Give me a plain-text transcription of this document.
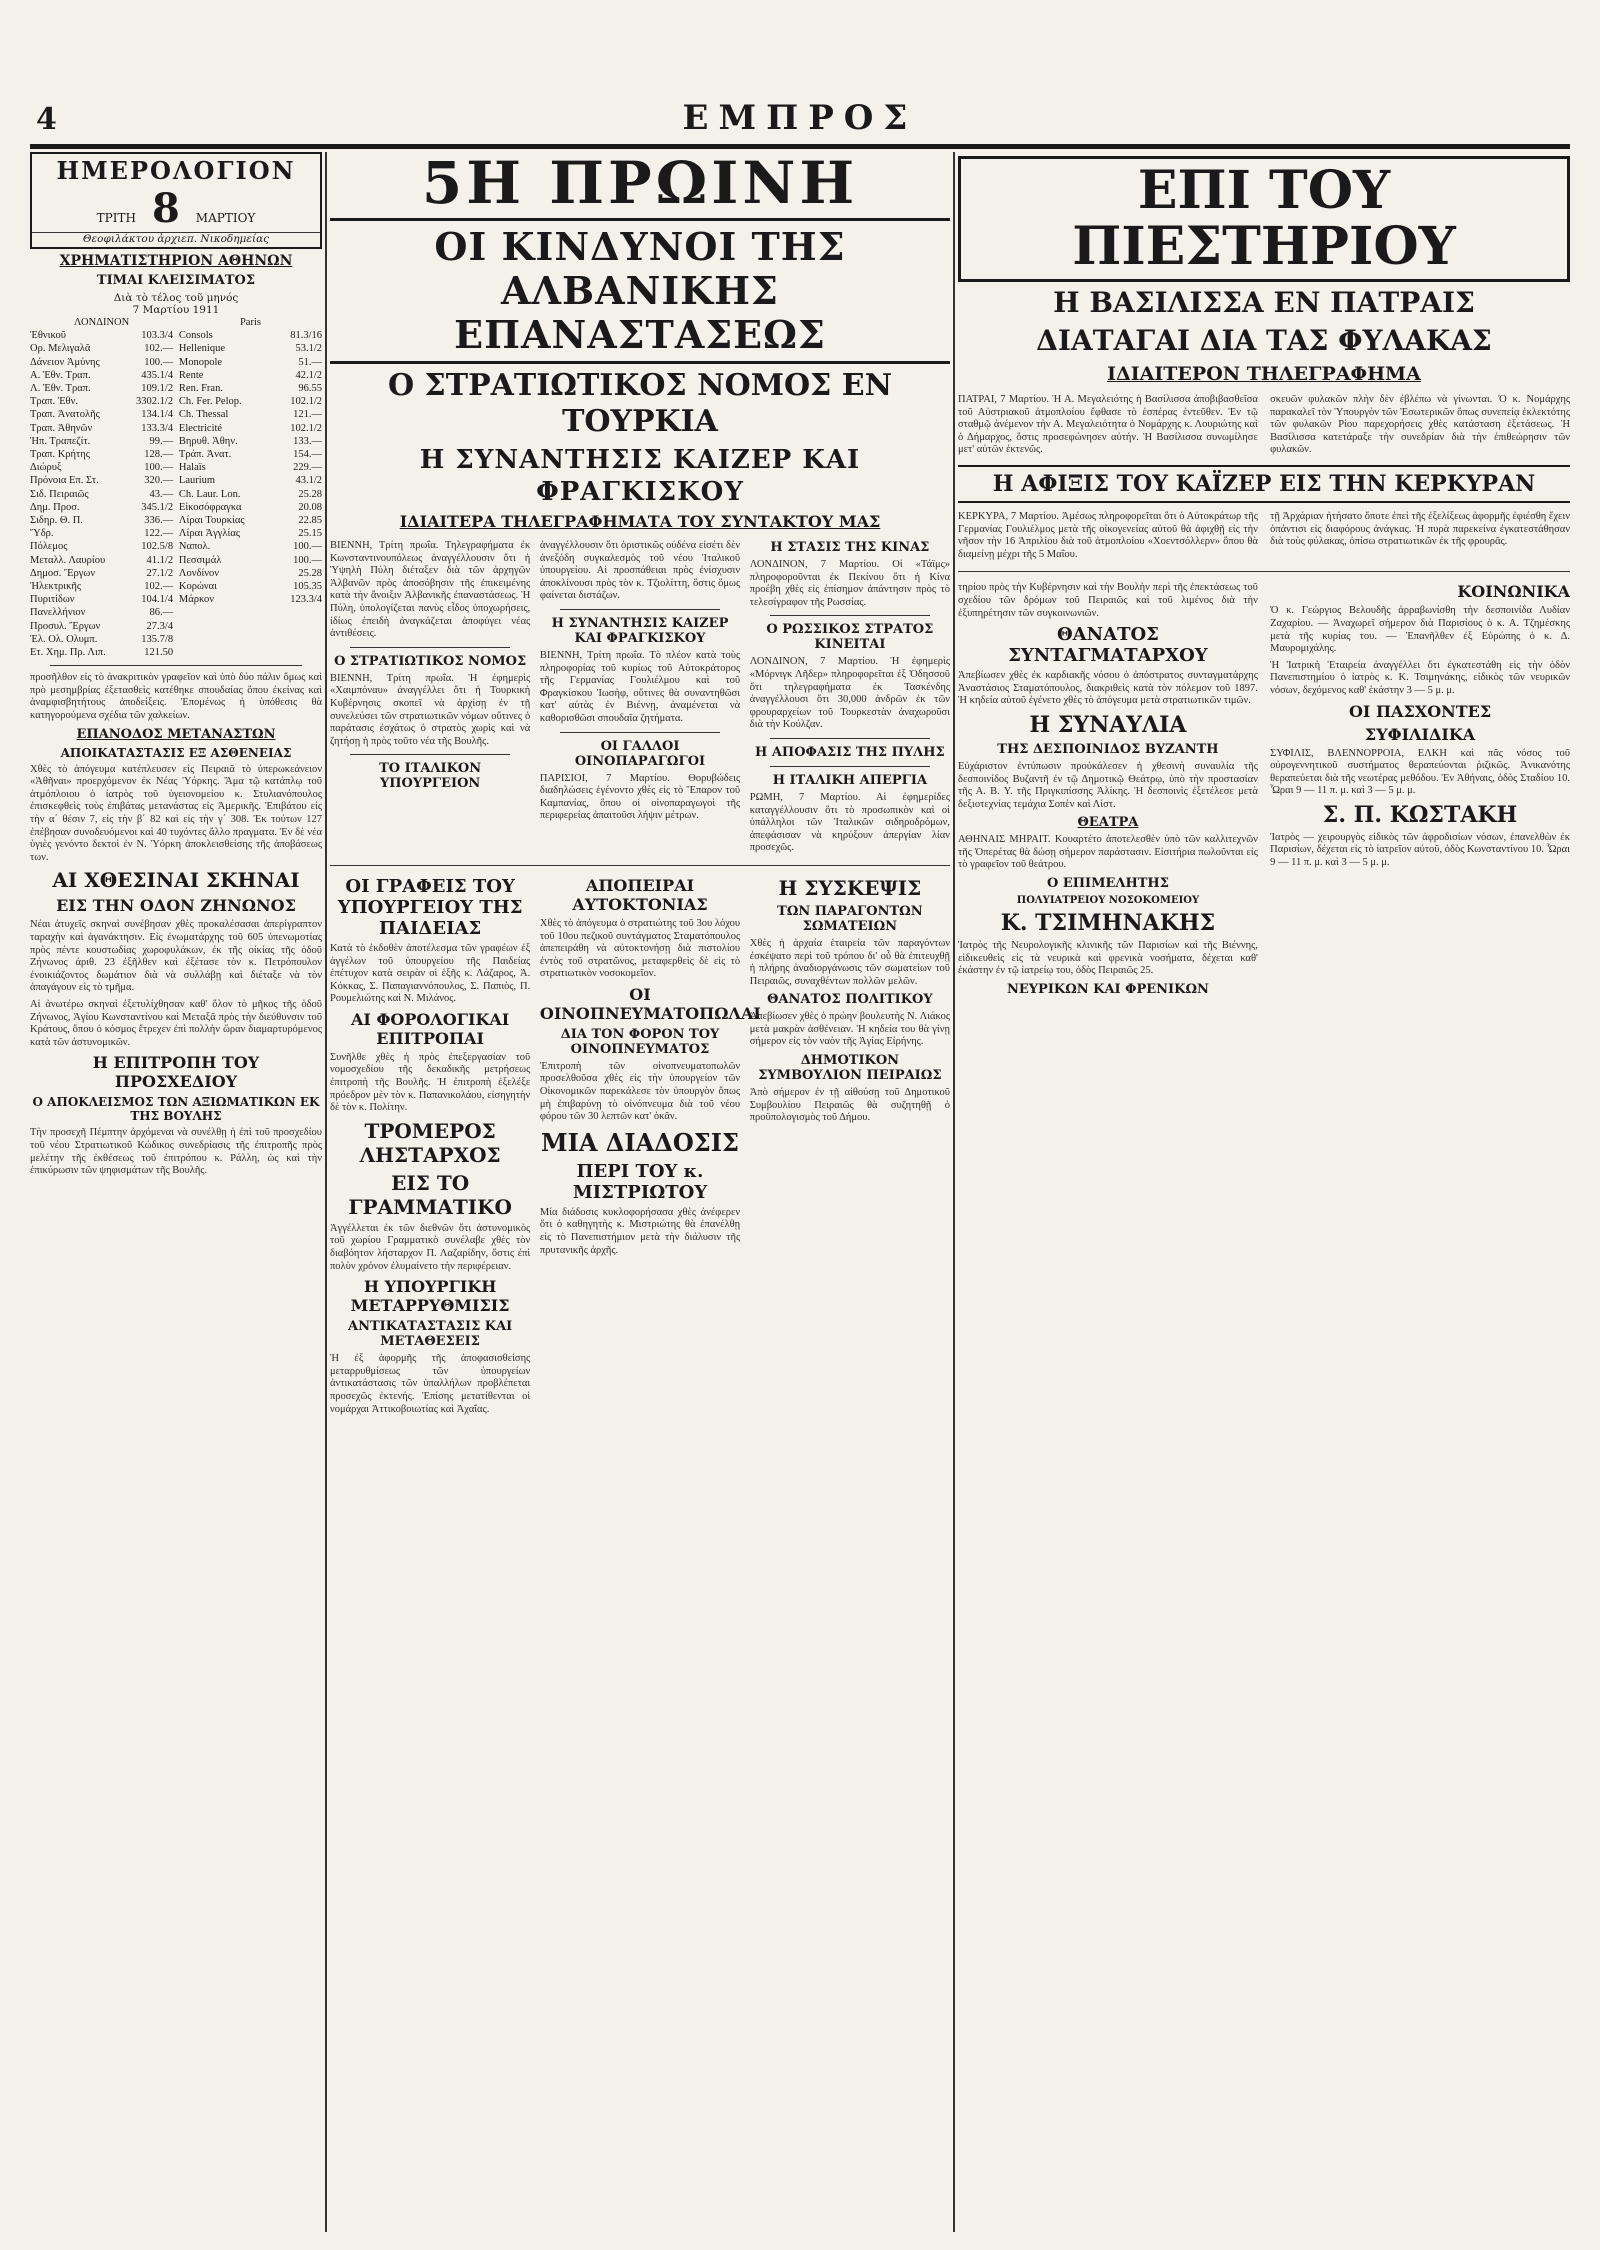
4	ΕΜΠΡΟΣ
ΗΜΕΡΟΛΟΓΙΟΝ
ΤΡΙΤΗ 8 ΜΑΡΤΙΟΥ
Θεοφιλάκτου ἀρχιεπ. Νικοδημείας
ΧΡΗΜΑΤΙΣΤΗΡΙΟΝ ΑΘΗΝΩΝ
ΤΙΜΑΙ ΚΛΕΙΣΙΜΑΤΟΣ
Διὰ τὸ τέλος τοῦ μηνός
7 Μαρτίου 1911
ΛΟΝΔΙΝΟΝ
Ἐθνικοῦ	103.3/4
Ορ. Μελιγαλᾶ	102.—
Δάνειον Ἀμύνης	100.—
Α. Ἐθν. Τραπ.	435.1/4
Λ. Ἐθν. Τραπ.	109.1/2
Τραπ. Ἐθν.	3302.1/2
Τραπ. Ἀνατολῆς	134.1/4
Τραπ. Ἀθηνῶν	133.3/4
Ἠπ. Τραπεζίτ.	99.—
Τραπ. Κρήτης	128.—
Διώρυξ	100.—
Πρόνοια Επ. Στ.	320.—
Σιδ. Πειραιῶς	43.—
Δημ. Προσ.	345.1/2
Σιδηρ. Θ. Π.	336.—
Ὕδρ.	122.—
Πόλεμος	102.5/8
Μεταλλ. Λαυρίου	41.1/2
Δημοσ. Ἔργων	27.1/2
Ἠλεκτρικῆς	102.—
Πυριτίδων	104.1/4
Πανελλήνιον	86.—
Προσυλ. Ἔργων	27.3/4
Ἐλ. Ολ. Ολυμπ.	135.7/8
Ετ. Χημ. Πρ. Λιπ.	121.50
Paris
Consols	81.3/16
Hellenique	53.1/2
Monopole	51.—
Rente	42.1/2
Ren. Fran.	96.55
Ch. Fer. Pelop.	102.1/2
Ch. Thessal	121.—
Electricité	102.1/2
Βηρυθ. Ἀθην.	133.—
Τράπ. Ἀνατ.	154.—
Halaïs	229.—
Laurium	43.1/2
Ch. Laur. Lon.	25.28
Εἰκοσόφραγκα	20.08
Λίραι Τουρκίας	22.85
Λίραι Ἀγγλίας	25.15
Ναπολ.	100.—
Πεσσιμάλ	100.—
Λονδίνον	25.28
Κορώναι	105.35
Μάρκον	123.3/4
προσῆλθον εἰς τὸ ἀνακριτικὸν γραφεῖον καὶ ὑπὸ δύο πάλιν ὅμως καὶ πρὸ μεσημβρίας ἐξετασθεὶς κατέθηκε σπουδαίας ὅπου ἐκείνας καὶ ἀναμφισβητήτους ἀποδείξεις. Ἐπομένως ἡ ὑπόθεσις θὰ κατηγορούμενα σχέδια τῶν χαλκείων.
ΕΠΑΝΟΔΟΣ ΜΕΤΑΝΑΣΤΩΝ
ΑΠΟΙΚΑΤΑΣΤΑΣΙΣ ΕΞ ΑΣΘΕΝΕΙΑΣ
Χθὲς τὸ ἀπόγευμα κατέπλευσεν εἰς Πειραιᾶ τὸ ὑπερωκεάνειον «Ἀθῆναι» προερχόμενον ἐκ Νέας Ὑόρκης. Ἅμα τῷ κατάπλῳ τοῦ ἀτμόπλοιου ὁ ἰατρὸς τοῦ ὑγειονομείου κ. Στυλιανόπουλος ἐπισκεφθεὶς τοὺς ἐπιβάτας μετανάστας εἰς Ἀμερικῆς. Ἐπιβάτου εἰς τὴν α΄ θέσιν 7, εἰς τὴν β΄ 82 καὶ εἰς τὴν γ΄ 308. Ἐκ τούτων 127 ἐπέβησαν συνοδευόμενοι καὶ 40 τυχόντες ἄλλο πραγματα. Ἐν δὲ νέα ὑγιὲς γενόντο δεκτοὶ ἐν Ν. Ὑόρκη ἀποκλεισθείσης τῆς ἀποβάσεως των.
ΑΙ ΧΘΕΣΙΝΑΙ ΣΚΗΝΑΙ
ΕΙΣ ΤΗΝ ΟΔΟΝ ΖΗΝΩΝΟΣ
Νέαι ἀτυχεῖς σκηναὶ συνέβησαν χθὲς προκαλέσασαι ἀπερίγραπτον ταραχὴν καὶ ἀγανάκτησιν. Εἰς ἐνωματάρχης τοῦ 605 ὑπενωμοτίας πρὸς πέντε κουστωδίας χωροφυλάκων, ἐκ τῆς οἰκίας τῆς ὁδοῦ Ζήνωνος ἀριθ. 23 ἐξῆλθεν καὶ ἐξέτασε τὸν κ. Πετρόπουλον ἐνοικιάζοντος δωμάτιον διὰ νὰ συλλάβῃ καὶ διέταξε νὰ τὸν ἀπαγάγουν εἰς τὸ τμῆμα.
Αἱ ἀνωτέρω σκηναὶ ἐξετυλίχθησαν καθ' ὅλον τὸ μῆκος τῆς ὁδοῦ Ζήνωνος, Ἀγίου Κωνσταντίνου καὶ Μεταξᾶ πρὸς τὴν διεύθυνσιν τοῦ Κράτους, ὅπου ὁ κόσμος ἔτρεχεν ἐπὶ πολλὴν ὥραν διαμαρτυρόμενος κατὰ τῶν ἀστυνομικῶν.
Η ΕΠΙΤΡΟΠΗ ΤΟΥ ΠΡΟΣΧΕΔΙΟΥ
Ο ΑΠΟΚΛΕΙΣΜΟΣ ΤΩΝ ΑΞΙΩΜΑΤΙΚΩΝ ΕΚ ΤΗΣ ΒΟΥΛΗΣ
Τὴν προσεχῆ Πέμπτην ἀρχόμεναι νὰ συνέλθῃ ἡ ἐπὶ τοῦ προσχεδίου τοῦ νέου Στρατιωτικοῦ Κώδικος συνεδρίασις τῆς ἐπιτροπῆς πρὸς μελέτην τῆς ἐκθέσεως τοῦ ἐπιτρόπου κ. Ράλλη, ὡς καὶ τὴν ἐπικύρωσιν τῶν ψηφισμάτων τῆς Βουλῆς.
5Η ΠΡΩΙΝΗ
ΟΙ ΚΙΝΔΥΝΟΙ ΤΗΣ ΑΛΒΑΝΙΚΗΣ ΕΠΑΝΑΣΤΑΣΕΩΣ
Ο ΣΤΡΑΤΙΩΤΙΚΟΣ ΝΟΜΟΣ ΕΝ ΤΟΥΡΚΙΑ
Η ΣΥΝΑΝΤΗΣΙΣ ΚΑΙΖΕΡ ΚΑΙ ΦΡΑΓΚΙΣΚΟΥ
ΙΔΙΑΙΤΕΡΑ ΤΗΛΕΓΡΑΦΗΜΑΤΑ ΤΟΥ ΣΥΝΤΑΚΤΟΥ ΜΑΣ
ΒΙΕΝΝΗ, Τρίτη πρωΐα. Τηλεγραφήματα ἐκ Κωνσταντινουπόλεως ἀναγγέλλουσιν ὅτι ἡ Ὑψηλὴ Πύλη διέταξεν διὰ τῶν ἀρχηγῶν Ἀλβανῶν πρὸς ἀποσόβησιν τῆς ἐπικειμένης κατὰ τὴν ἄνοιξιν Ἀλβανικῆς ἐπαναστάσεως. Ἡ Πύλη, ὑπολογίζεται πανὺς εἶδος ὑποχωρήσεις, ἰδίως ἐπειδὴ ἀναγκάζεται ἀποφύγει νέας ἀντιθέσεις.
Ο ΣΤΡΑΤΙΩΤΙΚΟΣ ΝΟΜΟΣ
ΒΙΕΝΝΗ, Τρίτη πρωΐα. Ἡ ἐφημερὶς «Χαιμπόναυ» ἀναγγέλλει ὅτι ἡ Τουρκικὴ Κυβέρνησις σκοπεῖ νὰ ἀρχίσῃ ἐν τῇ συνελεύσει τῶν στρατιωτικῶν νόμων οὕτινες ὁ παράτασις ἐσχάτως ὁ στρατὸς χωρὶς καὶ νὰ ζητήσῃ ἡ πρὸς τοῦτο νέα τῆς Βουλῆς.
ΤΟ ΙΤΑΛΙΚΟΝ ΥΠΟΥΡΓΕΙΟΝ
ἀναγγέλλουσιν ὅτι ὁριστικῶς οὐδένα εἰσέτι δὲν ἀνεξόδη συγκαλεσμὸς τοῦ νέου Ἰταλικοῦ ὑπουργείου. Αἱ προσπάθειαι πρὸς ἐνίσχυσιν ἀποκλίνουσι πρὸς τὸν κ. Τζιολίττη, ὅστις ὅμως φαίνεται διστάζων.
Η ΣΥΝΑΝΤΗΣΙΣ ΚΑΙΖΕΡ ΚΑΙ ΦΡΑΓΚΙΣΚΟΥ
ΒΙΕΝΝΗ, Τρίτη πρωΐα. Τὸ πλέον κατὰ τοὺς πληροφορίας τοῦ κυρίως τοῦ Αὐτοκράτορος τῆς Γερμανίας Γουλιέλμου καὶ τοῦ Φραγκίσκου Ἰωσὴφ, οὕτινες θὰ συναντηθῶσι κατ' αὐτὰς ἐν Βιέννῃ, ἀναμένεται νὰ καθορισθῶσι σπουδαῖα ζητήματα.
ΟΙ ΓΑΛΛΟΙ ΟΙΝΟΠΑΡΑΓΩΓΟΙ
ΠΑΡΙΣΙΟΙ, 7 Μαρτίου. Θορυβώδεις διαδηλώσεις ἐγένοντο χθὲς εἰς τὸ Ἔπαρον τοῦ Καμπανίας, ὅπου οἱ οἰνοπαραγωγοὶ τῆς περιφερείας ἀπαιτοῦσι λήψιν μέτρων.
Η ΣΤΑΣΙΣ ΤΗΣ ΚΙΝΑΣ
ΛΟΝΔΙΝΟΝ, 7 Μαρτίου. Οἱ «Τάϊμς» πληροφοροῦνται ἐκ Πεκίνου ὅτι ἡ Κίνα προέβη χθὲς εἰς ἐπίσημον ἀπάντησιν πρὸς τὸ τελεσίγραφον τῆς Ρωσσίας.
Ο ΡΩΣΣΙΚΟΣ ΣΤΡΑΤΟΣ ΚΙΝΕΙΤΑΙ
ΛΟΝΔΙΝΟΝ, 7 Μαρτίου. Ἡ ἐφημερὶς «Μόρνιγκ Λῆδερ» πληροφορεῖται ἐξ Ὀδησσοῦ ὅτι τηλεγραφήματα ἐκ Τασκένδης ἀναγγέλλουσι ὅτι 30,000 ἀνδρῶν ἐκ τῶν φρουραρχείων τοῦ Τουρκεστὰν ἀναχωροῦσι διὰ τὴν Κούλζαν.
Η ΑΠΟΦΑΣΙΣ ΤΗΣ ΠΥΛΗΣ
Η ΙΤΑΛΙΚΗ ΑΠΕΡΓΙΑ
ΡΩΜΗ, 7 Μαρτίου. Αἱ ἐφημερίδες καταγγέλλουσιν ὅτι τὸ προσωπικὸν καὶ οἱ ὑπάλληλοι τῶν Ἰταλικῶν σιδηροδρόμων, ἀπεφάσισαν νὰ κηρύξουν ἀπεργίαν λίαν προσεχῶς.
ΟΙ ΓΡΑΦΕΙΣ ΤΟΥ ΥΠΟΥΡΓΕΙΟΥ ΤΗΣ ΠΑΙΔΕΙΑΣ
Κατὰ τὸ ἐκδοθὲν ἀποτέλεσμα τῶν γραφέων ἐξ ἀγγέλων τοῦ ὑπουργείου τῆς Παιδείας ἐπέτυχον κατὰ σειρὰν οἱ ἑξῆς κ. Λάζαρος, Ἀ. Κόκκας, Σ. Παπαγιαννόπουλος, Σ. Παπιὸς, Π. Ρουμελιώτης καὶ Ν. Μιλάνος.
ΑΙ ΦΟΡΟΛΟΓΙΚΑΙ ΕΠΙΤΡΟΠΑΙ
Συνῆλθε χθὲς ἡ πρὸς ἐπεξεργασίαν τοῦ νομοσχεδίου τῆς δεκαδικῆς μετρήσεως ἐπιτροπὴ τῆς Βουλῆς. Ἡ ἐπιτροπὴ ἐξελέξε πρόεδρον μὲν τὸν κ. Παπανικολάου, εἰσηγητὴν δὲ τὸν κ. Πολίτην.
ΤΡΟΜΕΡΟΣ ΛΗΣΤΑΡΧΟΣ
ΕΙΣ ΤΟ ΓΡΑΜΜΑΤΙΚΟ
Ἀγγέλλεται ἐκ τῶν διεθνῶν ὅτι ἀστυνομικὸς τοῦ χωρίου Γραμματικὸ συνέλαβε χθὲς τὸν διαβόητον λήσταρχον Π. Λαζαρίδην, ὅστις ἐπὶ πολὺν χρόνον ἐλυμαίνετο τὴν περιφέρειαν.
Η ΥΠΟΥΡΓΙΚΗ ΜΕΤΑΡΡΥΘΜΙΣΙΣ
ΑΝΤΙΚΑΤΑΣΤΑΣΙΣ ΚΑΙ ΜΕΤΑΘΕΣΕΙΣ
Ἡ ἐξ ἀφορμῆς τῆς ἀποφασισθείσης μεταρρυθμίσεως τῶν ὑπουργείων ἀντικατάστασις τῶν ὑπαλλήλων προβλέπεται προσεχῶς ἐκτενής. Ἐπίσης μετατίθενται οἱ νομάρχαι Ἀττικοβοιωτίας καὶ Ἀχαΐας.
ΑΠΟΠΕΙΡΑΙ ΑΥΤΟΚΤΟΝΙΑΣ
Χθὲς τὸ ἀπόγευμα ὁ στρατιώτης τοῦ 3ου λόχου τοῦ 10ου πεζικοῦ συντάγματος Σταματόπουλος ἀπεπειράθη νὰ αὐτοκτονήσῃ διὰ πιστολίου ἐντὸς τοῦ στρατῶνος, μεταφερθεὶς δὲ εἰς τὸ στρατιωτικὸν νοσοκομεῖον.
ΟΙ ΟΙΝΟΠΝΕΥΜΑΤΟΠΩΛΑΙ
ΔΙΑ ΤΟΝ ΦΟΡΟΝ ΤΟΥ ΟΙΝΟΠΝΕΥΜΑΤΟΣ
Ἐπιτροπὴ τῶν οἰνοπνευματοπωλῶν προσελθοῦσα χθὲς εἰς τὴν ὑπουργείον τῶν Οἰκονομικῶν παρεκάλεσε τὸν ὑπουργὸν ὅπως μὴ ἐπιβαρύνῃ τὸ οἰνόπνευμα διὰ τοῦ νέου φόρου τῶν 30 λεπτῶν κατ' ὀκᾶν.
ΜΙΑ ΔΙΑΔΟΣΙΣ
ΠΕΡΙ ΤΟΥ κ. ΜΙΣΤΡΙΩΤΟΥ
Μία διάδοσις κυκλοφορήσασα χθὲς ἀνέφερεν ὅτι ὁ καθηγητὴς κ. Μιστριώτης θὰ ἐπανέλθῃ εἰς τὸ Πανεπιστήμιον μετὰ τὴν διάλυσιν τῆς πρυτανικῆς ἀρχῆς.
Η ΣΥΣΚΕΨΙΣ
ΤΩΝ ΠΑΡΑΓΟΝΤΩΝ ΣΩΜΑΤΕΙΩΝ
Χθὲς ἡ ἀρχαία ἑταιρεία τῶν παραγόντων ἐσκέψατο περὶ τοῦ τρόπου δι' οὗ θὰ ἐπιτευχθῇ ἡ πλήρης ἀναδιοργάνωσις τῶν σωματείων τοῦ Πειραιῶς, συναχθέντων πολλῶν μελῶν.
ΘΑΝΑΤΟΣ ΠΟΛΙΤΙΚΟΥ
Ἀπεβίωσεν χθὲς ὁ πρώην βουλευτὴς Ν. Λιάκος μετὰ μακρὰν ἀσθένειαν. Ἡ κηδεία του θὰ γίνῃ σήμερον εἰς τὸν ναὸν τῆς Ἁγίας Εἰρήνης.
ΔΗΜΟΤΙΚΟΝ ΣΥΜΒΟΥΛΙΟΝ ΠΕΙΡΑΙΩΣ
Ἀπὸ σήμερον ἐν τῇ αἰθούσῃ τοῦ Δημοτικοῦ Συμβουλίου Πειραιῶς θὰ συζητηθῇ ὁ προϋπολογισμὸς τοῦ Δήμου.
ΕΠΙ ΤΟΥ ΠΙΕΣΤΗΡΙΟΥ
Η ΒΑΣΙΛΙΣΣΑ ΕΝ ΠΑΤΡΑΙΣ
ΔΙΑΤΑΓΑΙ ΔΙΑ ΤΑΣ ΦΥΛΑΚΑΣ
ΙΔΙΑΙΤΕΡΟΝ ΤΗΛΕΓΡΑΦΗΜΑ
ΠΑΤΡΑΙ, 7 Μαρτίου. Ἡ Α. Μεγαλειότης ἡ Βασίλισσα ἀποβιβασθεῖσα τοῦ Αὐστριακοῦ ἀτμοπλοίου ἔφθασε τὸ ἑσπέρας ἐντεῦθεν. Ἐν τῷ σταθμῷ ἀνέμενον τὴν Α. Μεγαλειότητα ὁ Νομάρχης κ. Λουριώτης καὶ ὁ Δήμαρχος, ὅστις προσεφώνησεν αὐτήν. Ἡ Βασίλισσα συνωμίλησε μετ' αὐτῶν ἐκτενῶς.
σκευῶν φυλακῶν πλὴν δὲν ἐβλέπω νὰ γίνωνται. Ὁ κ. Νομάρχης παρακαλεῖ τὸν Ὑπουργὸν τῶν Ἐσωτερικῶν ὅπως συνεπείᾳ ἐκλεκτότης τῶν φυλακῶν Ρίου παρεχορήσεις χθὲς κατάσταση ἐξετάσεως. Ἡ Βασίλισσα κατετάραξε τὴν συνεδρίαν διὰ τὴν ἐπιθεώρησιν τῶν φυλακῶν.
Η ΑΦΙΞΙΣ ΤΟΥ ΚΑΪΖΕΡ ΕΙΣ ΤΗΝ ΚΕΡΚΥΡΑΝ
ΚΕΡΚΥΡΑ, 7 Μαρτίου. Ἀμέσως πληροφορεῖται ὅτι ὁ Αὐτοκράτωρ τῆς Γερμανίας Γουλιέλμος μετὰ τῆς οἰκογενείας αὐτοῦ θὰ ἀφιχθῇ εἰς τὴν νῆσον τὴν 16 Ἀπριλίου διὰ τοῦ ἀτμοπλοίου «Χοεντσόλλερν» ὅπου θὰ διαμείνῃ μέχρι τῆς 5 Μαΐου.
τῇ Ἀρχάριαν ἠτήσατο ὅποτε ἐπεὶ τῆς ἐξελίξεως ἀφορμῆς ἐφιέσθη ἔχειν ὁπάντισι εἰς διαφόρους ἀνάγκας. Ἡ πυρὰ παρεκείνα ἐγκατεστάθησαν διὰ τοὺς φύλακας, ὀπίσω στρατιωτικῶν ἐκ τῆς φρουρᾶς.
τηρίου πρὸς τὴν Κυβέρνησιν καὶ τὴν Βουλὴν περὶ τῆς ἐπεκτάσεως τοῦ σχεδίου τῶν δρόμων τοῦ Πειραιῶς καὶ τοῦ λιμένος διὰ τὴν ἐξυπηρέτησιν τῶν συγκοινωνιῶν.
ΘΑΝΑΤΟΣ ΣΥΝΤΑΓΜΑΤΑΡΧΟΥ
Ἀπεβίωσεν χθὲς ἐκ καρδιακῆς νόσου ὁ ἀπόστρατος συνταγματάρχης Ἀναστάσιος Σταματόπουλος, διακριθεὶς κατὰ τὸν πόλεμον τοῦ 1897. Ἡ κηδεία αὐτοῦ ἐγένετο χθὲς τὸ ἀπόγευμα μετὰ στρατιωτικῶν τιμῶν.
Η ΣΥΝΑΥΛΙΑ
ΤΗΣ ΔΕΣΠΟΙΝΙΔΟΣ ΒΥΖΑΝΤΗ
Εὐχάριστον ἐντύπωσιν προὐκάλεσεν ἡ χθεσινὴ συναυλία τῆς δεσποινίδος Βυζαντῆ ἐν τῷ Δημοτικῷ Θεάτρῳ, ὑπὸ τὴν προστασίαν τῆς Α. Β. Υ. τῆς Πριγκιπίσσης Ἀλίκης. Ἡ δεσποινὶς ἐξετέλεσε μετὰ δεξιοτεχνίας τεμάχια Σοπὲν καὶ Λίστ.
ΘΕΑΤΡΑ
ΑΘΗΝΑΙΣ ΜΗΡΑΙΤ. Κουαρτέτο ἀποτελεσθὲν ὑπὸ τῶν καλλιτεχνῶν τῆς Ὀπερέτας θὰ δώσῃ σήμερον παράστασιν. Εἰσιτήρια πωλοῦνται εἰς τὸ γραφεῖον τοῦ θεάτρου.
Ο ΕΠΙΜΕΛΗΤΗΣ
ΠΟΛΥΙΑΤΡΕΙΟΥ ΝΟΣΟΚΟΜΕΙΟΥ
Κ. ΤΣΙΜΗΝΑΚΗΣ
Ἰατρὸς τῆς Νευρολογικῆς κλινικῆς τῶν Παρισίων καὶ τῆς Βιέννης, εἰδικευθεὶς εἰς τὰ νευρικὰ καὶ φρενικὰ νοσήματα, δέχεται καθ' ἑκάστην ἐν τῷ ἰατρείῳ του, ὁδὸς Πειραιῶς 25.
ΝΕΥΡΙΚΩΝ ΚΑΙ ΦΡΕΝΙΚΩΝ
ΚΟΙΝΩΝΙΚΑ
Ὁ κ. Γεώργιος Βελουδῆς ἀρραβωνίσθη τὴν δεσποινίδα Λυδίαν Ζαχαρίου. — Ἀναχωρεῖ σήμερον διὰ Παρισίους ὁ κ. Α. Τζημέσκης μετὰ τῆς κυρίας του. — Ἐπανῆλθεν ἐξ Εὐρώπης ὁ κ. Δ. Μαυρομιχάλης.
Ἡ Ἰατρικὴ Ἑταιρεία ἀναγγέλλει ὅτι ἐγκατεστάθη εἰς τὴν ὁδὸν Πανεπιστημίου ὁ ἰατρὸς κ. Κ. Τσιμηνάκης, εἰδικὸς τῶν νευρικῶν νόσων, δεχόμενος καθ' ἑκάστην 3 — 5 μ. μ.
ΟΙ ΠΑΣΧΟΝΤΕΣ
ΣΥΦΙΛΙΔΙΚΑ
ΣΥΦΙΛΙΣ, ΒΛΕΝΝΟΡΡΟΙΑ, ΕΛΚΗ καὶ πᾶς νόσος τοῦ οὐρογεννητικοῦ συστήματος θεραπεύονται ῥιζικῶς. Ἀνικανότης θεραπεύεται διὰ τῆς νεωτέρας μεθόδου. Ἐν Ἀθήναις, ὁδὸς Σταδίου 10. Ὧραι 9 — 11 π. μ. καὶ 3 — 5 μ. μ.
Σ. Π. ΚΩΣΤΑΚΗ
Ἰατρὸς — χειρουργὸς εἰδικὸς τῶν ἀφροδισίων νόσων, ἐπανελθὼν ἐκ Παρισίων, δέχεται εἰς τὸ ἰατρεῖον αὐτοῦ, ὁδὸς Κωνσταντίνου 10. Ὧραι 9 — 11 π. μ. καὶ 3 — 5 μ. μ.
